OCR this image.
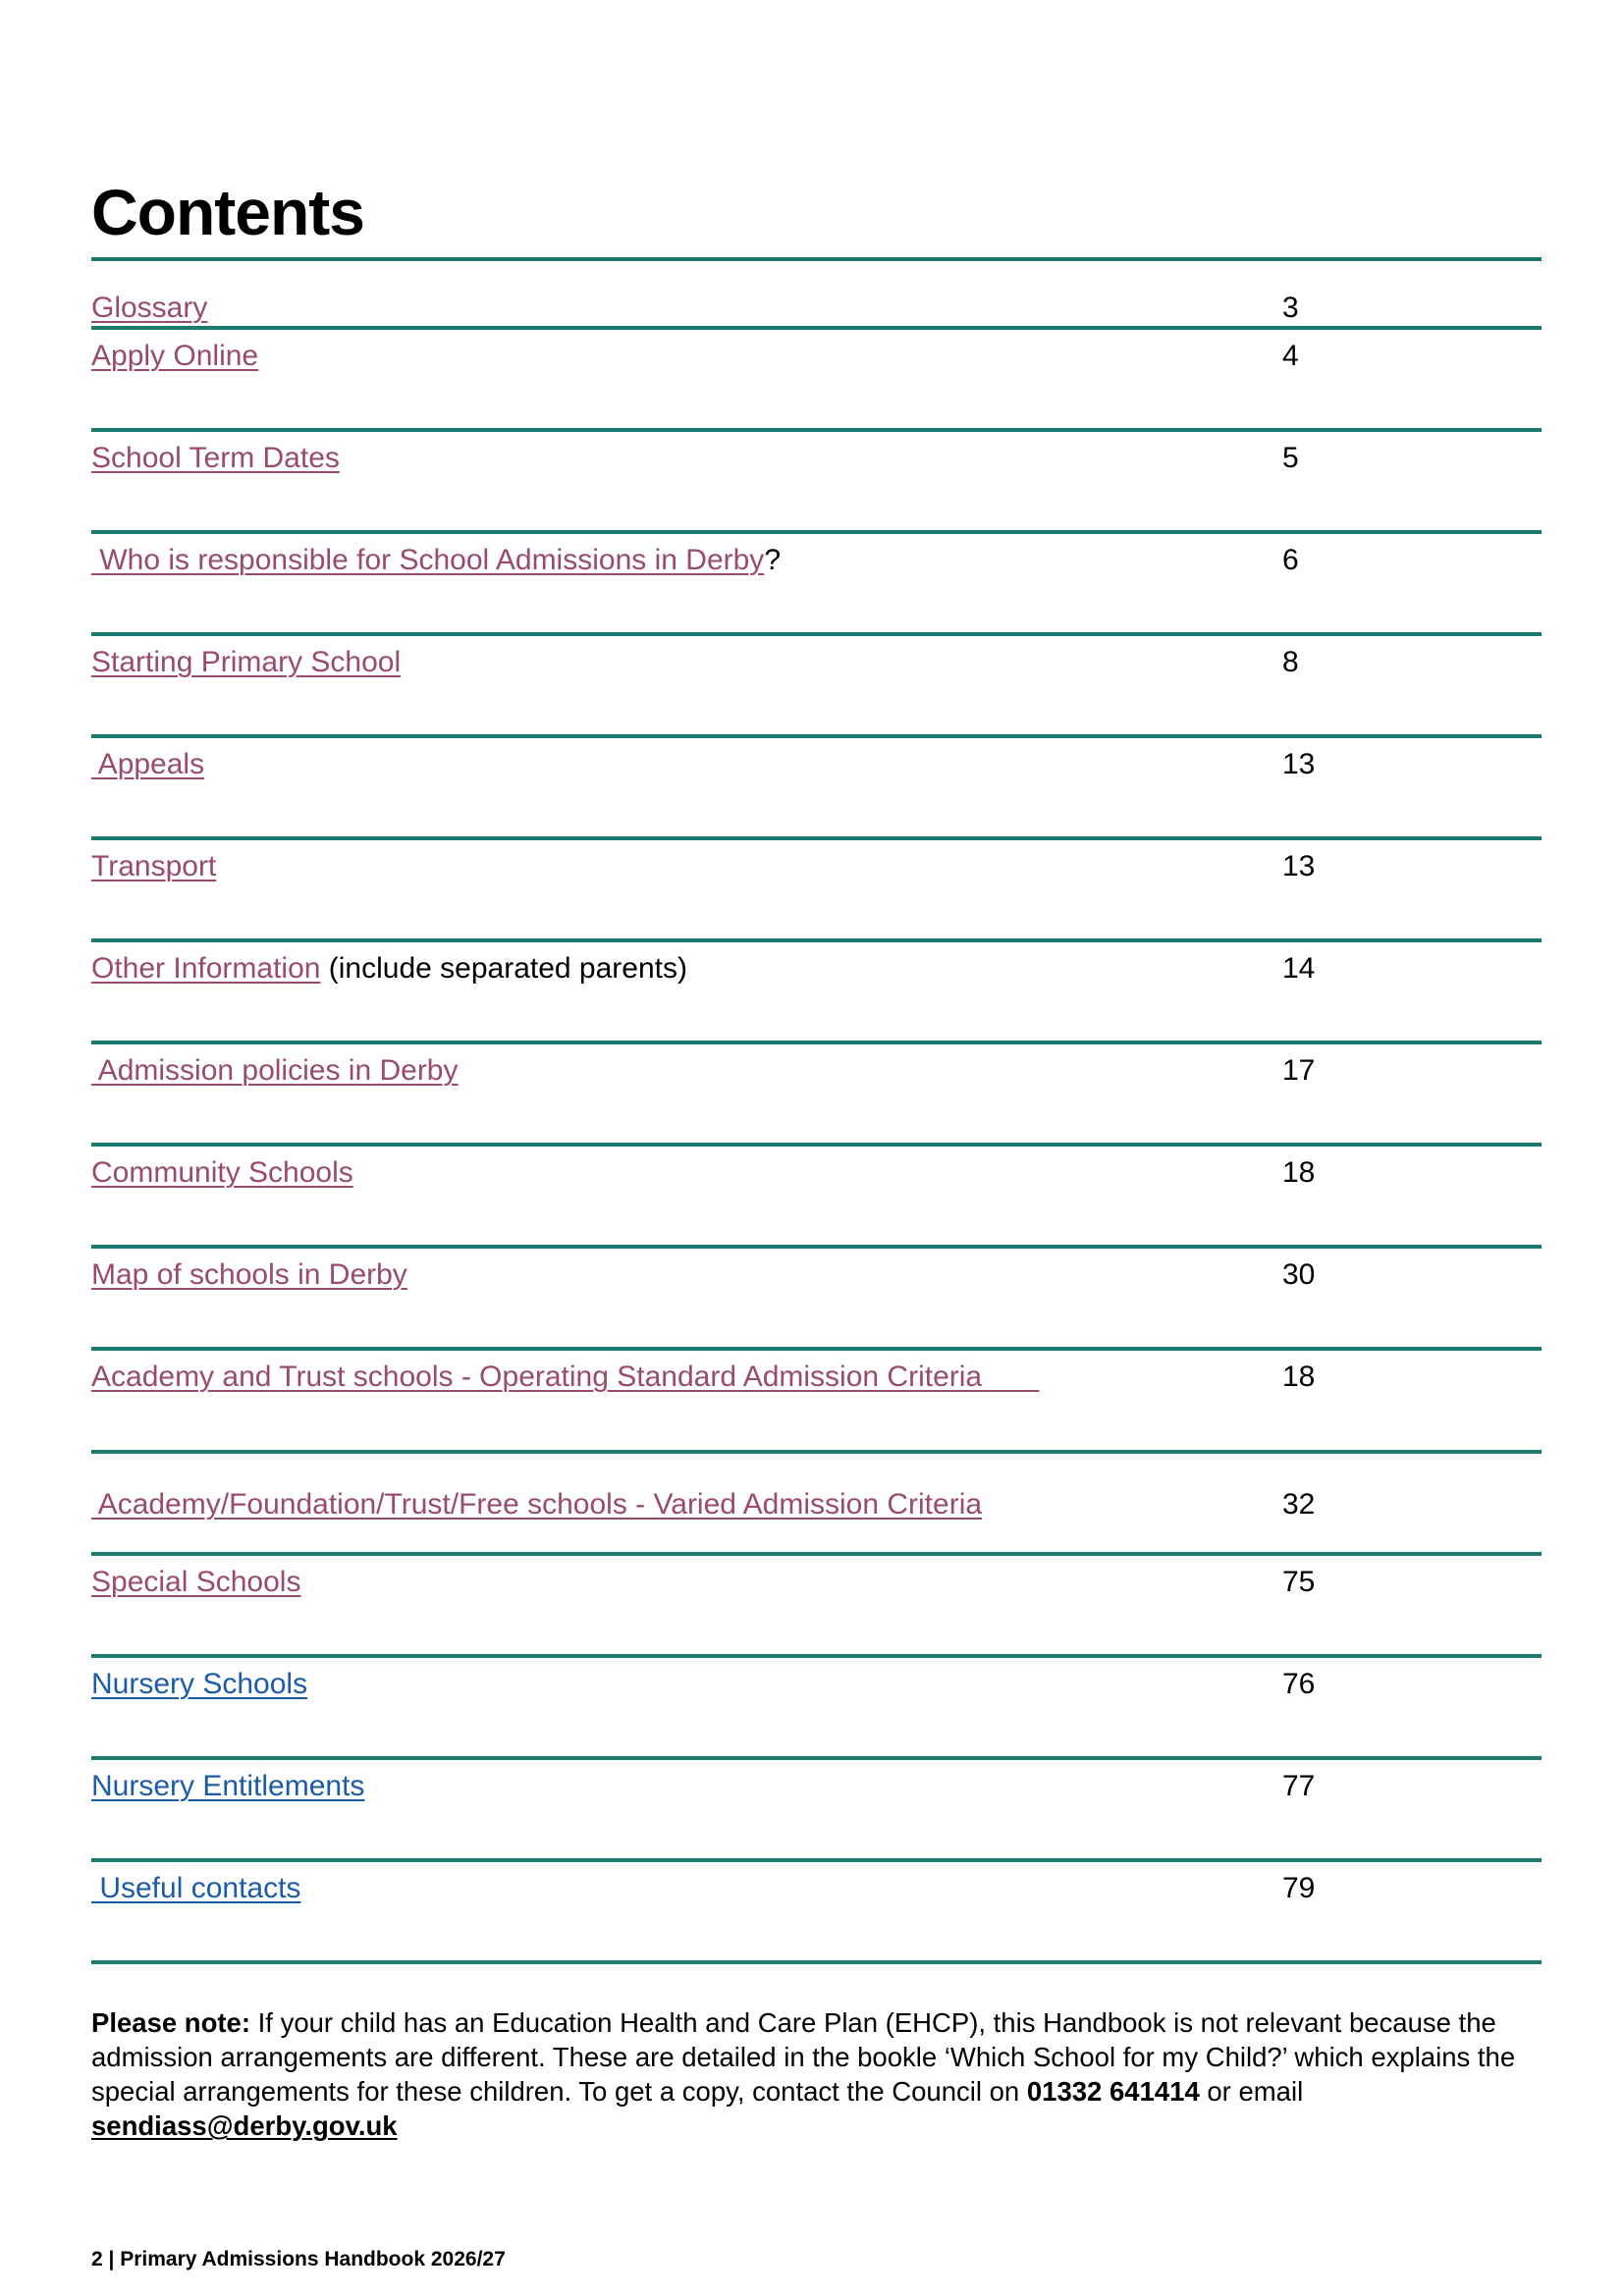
Contents
Glossary	3
Apply Online	4
School Term Dates	5
Who is responsible for School Admissions in Derby?	6
Starting Primary School	8
Appeals	13
Transport	13
Other Information (include separated parents)	14
Admission policies in Derby	17
Community Schools	18
Map of schools in Derby	30
Academy and Trust schools - Operating Standard Admission Criteria	18
Academy/Foundation/Trust/Free schools - Varied Admission Criteria	32
Special Schools	75
Nursery Schools	76
Nursery Entitlements	77
Useful contacts	79

Please note: If your child has an Education Health and Care Plan (EHCP), this Handbook is not relevant because the admission arrangements are different. These are detailed in the bookle ‘Which School for my Child?’ which explains the special arrangements for these children. To get a copy, contact the Council on 01332 641414 or email sendiass@derby.gov.uk

2 | Primary Admissions Handbook 2026/27
